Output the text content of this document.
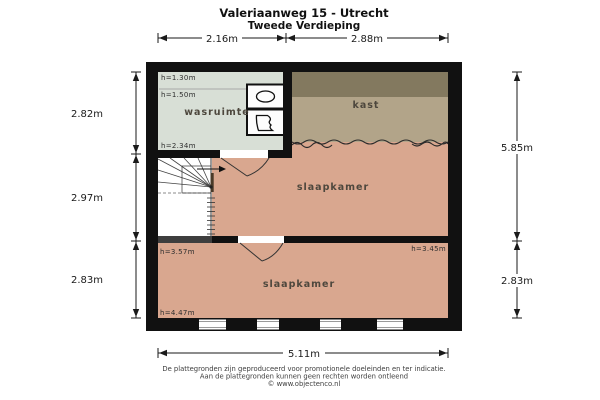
Valeriaanweg 15 - Utrecht
Tweede Verdieping
wasruimte
kast
slaapkamer
slaapkamer
h=1.30m
h=1.50m
h=2.34m
h=3.45m
h=3.57m
h=4.47m
2.16m	2.88m
2.82m
2.97m
2.83m
5.85m
2.83m
5.11m
De plattegronden zijn geproduceerd voor promotionele doeleinden en ter indicatie.
Aan de plattegronden kunnen geen rechten worden ontleend
© www.objectenco.nl
